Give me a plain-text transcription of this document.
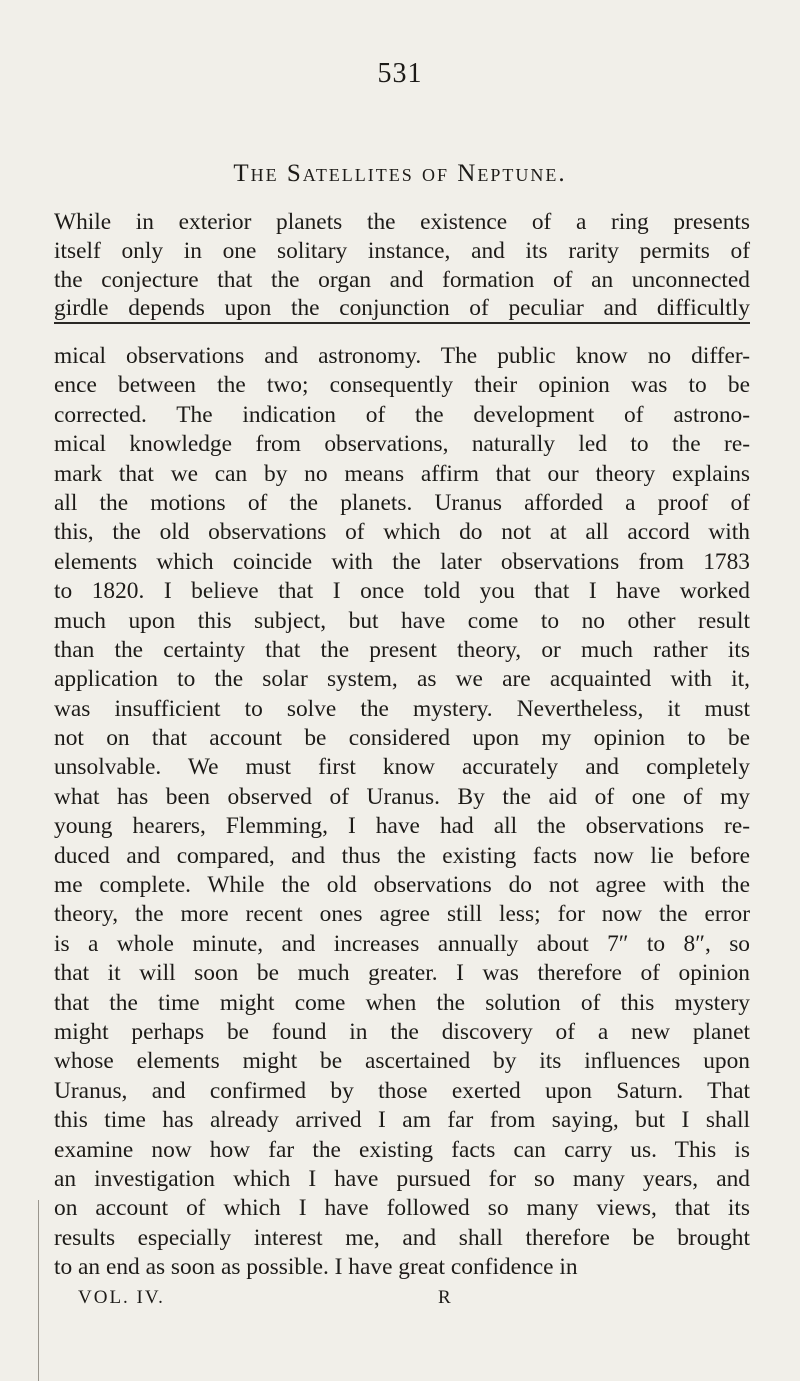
531
The Satellites of Neptune.
While in exterior planets the existence of a ring presents
itself only in one solitary instance, and its rarity permits of
the conjecture that the organ and formation of an unconnected
girdle depends upon the conjunction of peculiar and difficultly
mical observations and astronomy. The public know no differ-
ence between the two; consequently their opinion was to be
corrected. The indication of the development of astrono-
mical knowledge from observations, naturally led to the re-
mark that we can by no means affirm that our theory explains
all the motions of the planets. Uranus afforded a proof of
this, the old observations of which do not at all accord with
elements which coincide with the later observations from 1783
to 1820. I believe that I once told you that I have worked
much upon this subject, but have come to no other result
than the certainty that the present theory, or much rather its
application to the solar system, as we are acquainted with it,
was insufficient to solve the mystery. Nevertheless, it must
not on that account be considered upon my opinion to be
unsolvable. We must first know accurately and completely
what has been observed of Uranus. By the aid of one of my
young hearers, Flemming, I have had all the observations re-
duced and compared, and thus the existing facts now lie before
me complete. While the old observations do not agree with the
theory, the more recent ones agree still less; for now the error
is a whole minute, and increases annually about 7″ to 8″, so
that it will soon be much greater. I was therefore of opinion
that the time might come when the solution of this mystery
might perhaps be found in the discovery of a new planet
whose elements might be ascertained by its influences upon
Uranus, and confirmed by those exerted upon Saturn. That
this time has already arrived I am far from saying, but I shall
examine now how far the existing facts can carry us. This is
an investigation which I have pursued for so many years, and
on account of which I have followed so many views, that its
results especially interest me, and shall therefore be brought
to an end as soon as possible. I have great confidence in
VOL. IV.	R
